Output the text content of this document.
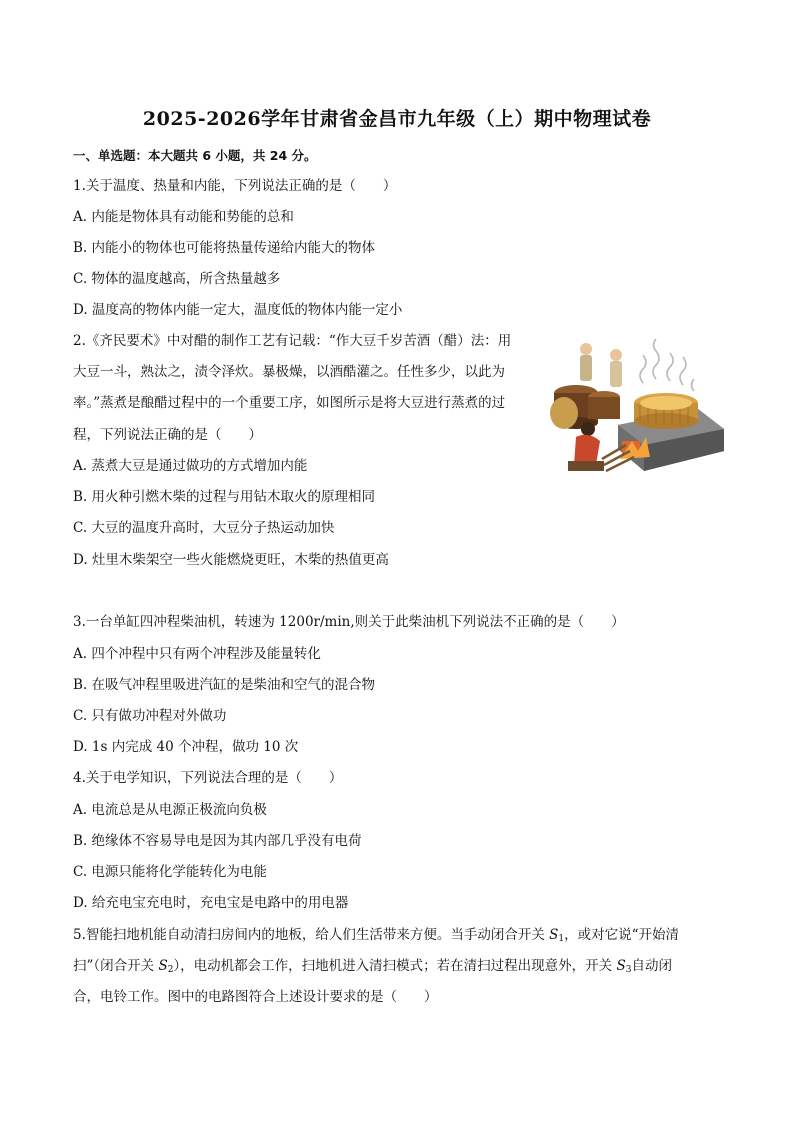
2025-2026学年甘肃省金昌市九年级（上）期中物理试卷
一、单选题：本大题共 6 小题，共 24 分。
1.关于温度、热量和内能，下列说法正确的是（　　）
A. 内能是物体具有动能和势能的总和
B. 内能小的物体也可能将热量传递给内能大的物体
C. 物体的温度越高，所含热量越多
D. 温度高的物体内能一定大，温度低的物体内能一定小
2.《齐民要术》中对醋的制作工艺有记载：“作大豆千岁苦酒（醋）法：用
大豆一斗，熟汰之，渍令泽炊。暴极燥，以酒酷灌之。任性多少，以此为
率。”蒸煮是酿醋过程中的一个重要工序，如图所示是将大豆进行蒸煮的过
程，下列说法正确的是（　　）
A. 蒸煮大豆是通过做功的方式增加内能
B. 用火种引燃木柴的过程与用钻木取火的原理相同
C. 大豆的温度升高时，大豆分子热运动加快
D. 灶里木柴架空一些火能燃烧更旺，木柴的热值更高
3.一台单缸四冲程柴油机，转速为 1200r/min,则关于此柴油机下列说法不正确的是（　　）
A. 四个冲程中只有两个冲程涉及能量转化
B. 在吸气冲程里吸进汽缸的是柴油和空气的混合物
C. 只有做功冲程对外做功
D. 1s 内完成 40 个冲程，做功 10 次
4.关于电学知识，下列说法合理的是（　　）
A. 电流总是从电源正极流向负极
B. 绝缘体不容易导电是因为其内部几乎没有电荷
C. 电源只能将化学能转化为电能
D. 给充电宝充电时，充电宝是电路中的用电器
5.智能扫地机能自动清扫房间内的地板，给人们生活带来方便。当手动闭合开关 $S_1$，或对它说“开始清
扫”（闭合开关 $S_2$），电动机都会工作，扫地机进入清扫模式；若在清扫过程出现意外，开关 $S_3$自动闭
合，电铃工作。图中的电路图符合上述设计要求的是（　　）
